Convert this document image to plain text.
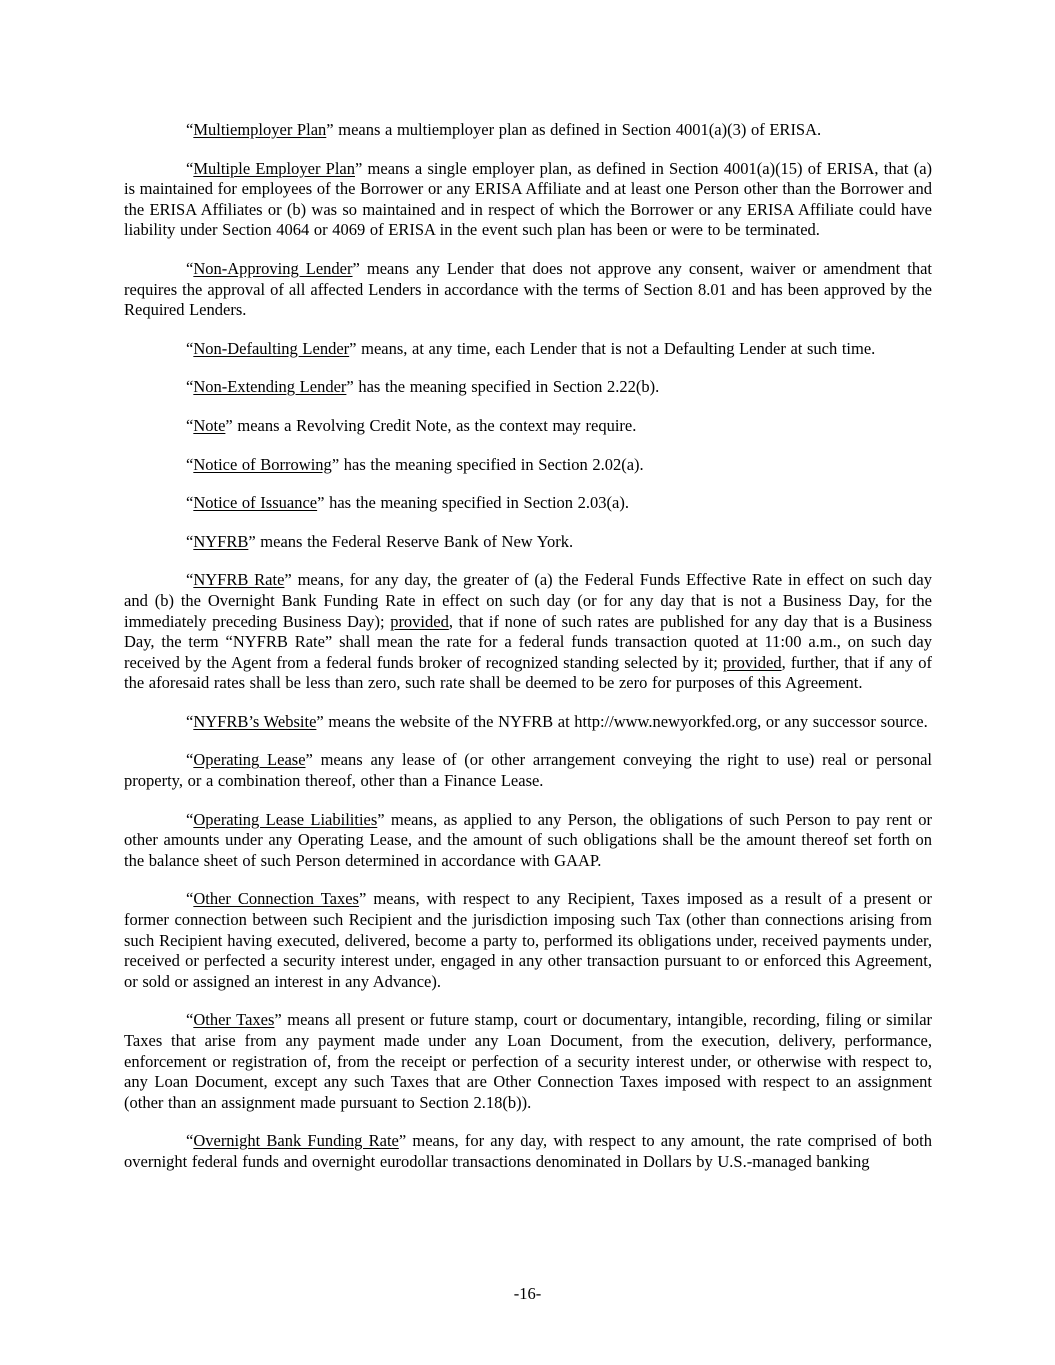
“Multiemployer Plan” means a multiemployer plan as defined in Section 4001(a)(3) of ERISA.

“Multiple Employer Plan” means a single employer plan, as defined in Section 4001(a)(15) of ERISA, that (a) is maintained for employees of the Borrower or any ERISA Affiliate and at least one Person other than the Borrower and the ERISA Affiliates or (b) was so maintained and in respect of which the Borrower or any ERISA Affiliate could have liability under Section 4064 or 4069 of ERISA in the event such plan has been or were to be terminated.

“Non-Approving Lender” means any Lender that does not approve any consent, waiver or amendment that requires the approval of all affected Lenders in accordance with the terms of Section 8.01 and has been approved by the Required Lenders.

“Non-Defaulting Lender” means, at any time, each Lender that is not a Defaulting Lender at such time.

“Non-Extending Lender” has the meaning specified in Section 2.22(b).

“Note” means a Revolving Credit Note, as the context may require.

“Notice of Borrowing” has the meaning specified in Section 2.02(a).

“Notice of Issuance” has the meaning specified in Section 2.03(a).

“NYFRB” means the Federal Reserve Bank of New York.

“NYFRB Rate” means, for any day, the greater of (a) the Federal Funds Effective Rate in effect on such day and (b) the Overnight Bank Funding Rate in effect on such day (or for any day that is not a Business Day, for the immediately preceding Business Day); provided, that if none of such rates are published for any day that is a Business Day, the term “NYFRB Rate” shall mean the rate for a federal funds transaction quoted at 11:00 a.m., on such day received by the Agent from a federal funds broker of recognized standing selected by it; provided, further, that if any of the aforesaid rates shall be less than zero, such rate shall be deemed to be zero for purposes of this Agreement.

“NYFRB’s Website” means the website of the NYFRB at http://www.newyorkfed.org, or any successor source.

“Operating Lease” means any lease of (or other arrangement conveying the right to use) real or personal property, or a combination thereof, other than a Finance Lease.

“Operating Lease Liabilities” means, as applied to any Person, the obligations of such Person to pay rent or other amounts under any Operating Lease, and the amount of such obligations shall be the amount thereof set forth on the balance sheet of such Person determined in accordance with GAAP.

“Other Connection Taxes” means, with respect to any Recipient, Taxes imposed as a result of a present or former connection between such Recipient and the jurisdiction imposing such Tax (other than connections arising from such Recipient having executed, delivered, become a party to, performed its obligations under, received payments under, received or perfected a security interest under, engaged in any other transaction pursuant to or enforced this Agreement, or sold or assigned an interest in any Advance).

“Other Taxes” means all present or future stamp, court or documentary, intangible, recording, filing or similar Taxes that arise from any payment made under any Loan Document, from the execution, delivery, performance, enforcement or registration of, from the receipt or perfection of a security interest under, or otherwise with respect to, any Loan Document, except any such Taxes that are Other Connection Taxes imposed with respect to an assignment (other than an assignment made pursuant to Section 2.18(b)).

“Overnight Bank Funding Rate” means, for any day, with respect to any amount, the rate comprised of both overnight federal funds and overnight eurodollar transactions denominated in Dollars by U.S.-managed banking

-16-
